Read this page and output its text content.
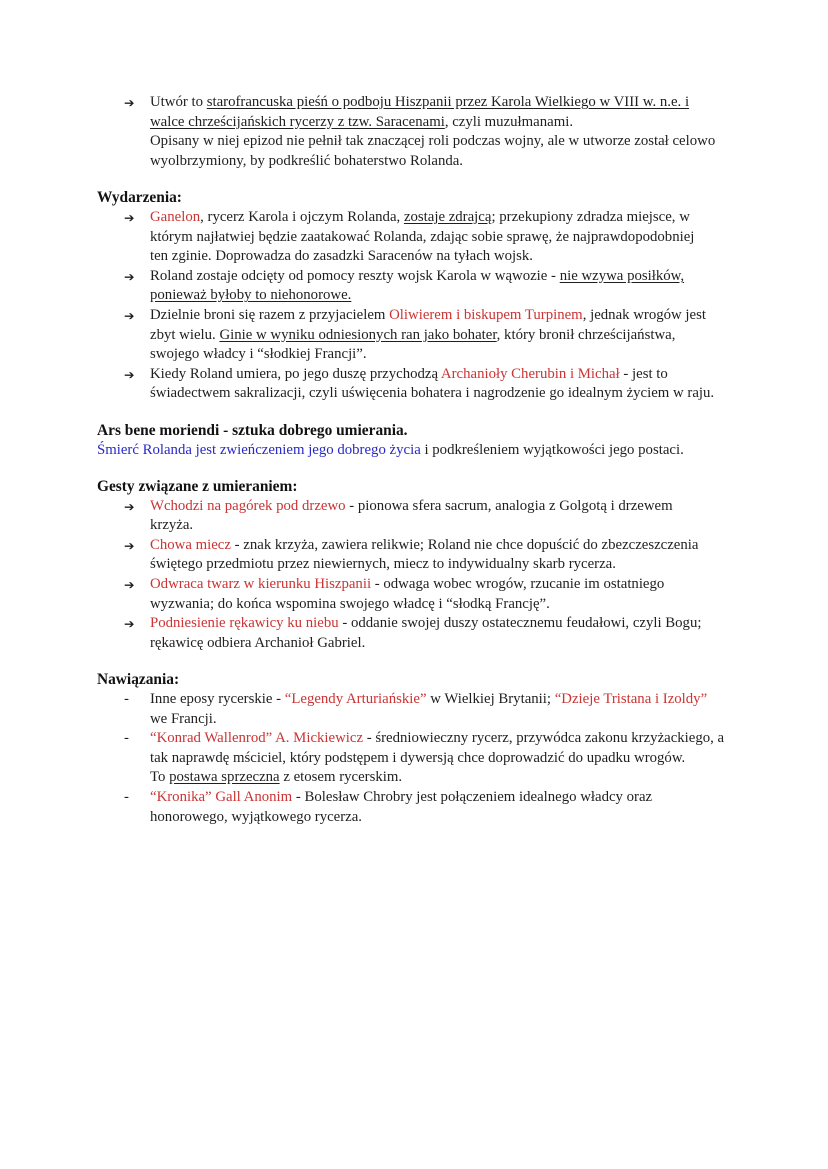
➔	Utwór to starofrancuska pieśń o podboju Hiszpanii przez Karola Wielkiego w VIII w. n.e. i
walce chrześcijańskich rycerzy z tzw. Saracenami, czyli muzułmanami.
Opisany w niej epizod nie pełnił tak znaczącej roli podczas wojny, ale w utworze został celowo
wyolbrzymiony, by podkreślić bohaterstwo Rolanda.
Wydarzenia:
➔	Ganelon, rycerz Karola i ojczym Rolanda, zostaje zdrajcą; przekupiony zdradza miejsce, w
którym najłatwiej będzie zaatakować Rolanda, zdając sobie sprawę, że najprawdopodobniej
ten zginie. Doprowadza do zasadzki Saracenów na tyłach wojsk.
➔	Roland zostaje odcięty od pomocy reszty wojsk Karola w wąwozie - nie wzywa posiłków,
ponieważ byłoby to niehonorowe.
➔	Dzielnie broni się razem z przyjacielem Oliwierem i biskupem Turpinem, jednak wrogów jest
zbyt wielu. Ginie w wyniku odniesionych ran jako bohater, który bronił chrześcijaństwa,
swojego władcy i “słodkiej Francji”.
➔	Kiedy Roland umiera, po jego duszę przychodzą Archanioły Cherubin i Michał - jest to
świadectwem sakralizacji, czyli uświęcenia bohatera i nagrodzenie go idealnym życiem w raju.
Ars bene moriendi - sztuka dobrego umierania.
Śmierć Rolanda jest zwieńczeniem jego dobrego życia i podkreśleniem wyjątkowości jego postaci.
Gesty związane z umieraniem:
➔	Wchodzi na pagórek pod drzewo - pionowa sfera sacrum, analogia z Golgotą i drzewem
krzyża.
➔	Chowa miecz - znak krzyża, zawiera relikwie; Roland nie chce dopuścić do zbezczeszczenia
świętego przedmiotu przez niewiernych, miecz to indywidualny skarb rycerza.
➔	Odwraca twarz w kierunku Hiszpanii - odwaga wobec wrogów, rzucanie im ostatniego
wyzwania; do końca wspomina swojego władcę i “słodką Francję”.
➔	Podniesienie rękawicy ku niebu - oddanie swojej duszy ostatecznemu feudałowi, czyli Bogu;
rękawicę odbiera Archanioł Gabriel.
Nawiązania:
-	Inne eposy rycerskie - “Legendy Arturiańskie” w Wielkiej Brytanii; “Dzieje Tristana i Izoldy”
we Francji.
-	“Konrad Wallenrod” A. Mickiewicz - średniowieczny rycerz, przywódca zakonu krzyżackiego, a
tak naprawdę mściciel, który podstępem i dywersją chce doprowadzić do upadku wrogów.
To postawa sprzeczna z etosem rycerskim.
-	“Kronika” Gall Anonim - Bolesław Chrobry jest połączeniem idealnego władcy oraz
honorowego, wyjątkowego rycerza.
